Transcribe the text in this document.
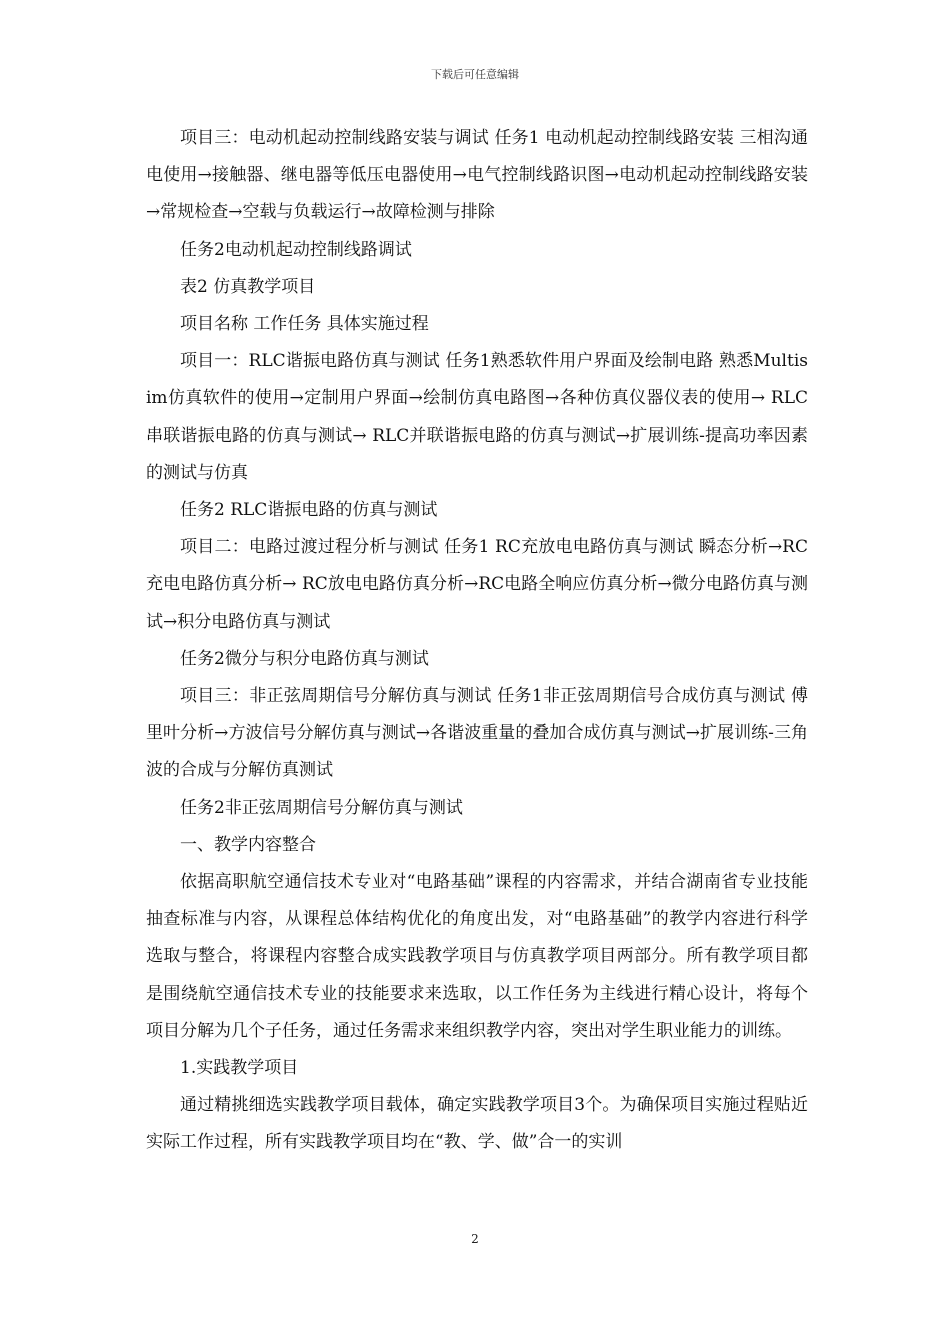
下载后可任意编辑

项目三：电动机起动控制线路安装与调试 任务1 电动机起动控制线路安装 三相沟通电使用→接触器、继电器等低压电器使用→电气控制线路识图→电动机起动控制线路安装→常规检查→空载与负载运行→故障检测与排除

任务2电动机起动控制线路调试

表2 仿真教学项目

项目名称 工作任务 具体实施过程

项目一：RLC谐振电路仿真与测试 任务1熟悉软件用户界面及绘制电路 熟悉Multisim仿真软件的使用→定制用户界面→绘制仿真电路图→各种仿真仪器仪表的使用→ RLC串联谐振电路的仿真与测试→ RLC并联谐振电路的仿真与测试→扩展训练-提高功率因素的测试与仿真

任务2 RLC谐振电路的仿真与测试

项目二：电路过渡过程分析与测试 任务1 RC充放电电路仿真与测试 瞬态分析→RC充电电路仿真分析→ RC放电电路仿真分析→RC电路全响应仿真分析→微分电路仿真与测试→积分电路仿真与测试

任务2微分与积分电路仿真与测试

项目三：非正弦周期信号分解仿真与测试 任务1非正弦周期信号合成仿真与测试 傅里叶分析→方波信号分解仿真与测试→各谐波重量的叠加合成仿真与测试→扩展训练-三角波的合成与分解仿真测试

任务2非正弦周期信号分解仿真与测试

一、教学内容整合

依据高职航空通信技术专业对“电路基础”课程的内容需求，并结合湖南省专业技能抽查标准与内容，从课程总体结构优化的角度出发，对“电路基础”的教学内容进行科学选取与整合，将课程内容整合成实践教学项目与仿真教学项目两部分。所有教学项目都是围绕航空通信技术专业的技能要求来选取，以工作任务为主线进行精心设计，将每个项目分解为几个子任务，通过任务需求来组织教学内容，突出对学生职业能力的训练。

1.实践教学项目

通过精挑细选实践教学项目载体，确定实践教学项目3个。为确保项目实施过程贴近实际工作过程，所有实践教学项目均在“教、学、做”合一的实训

2
